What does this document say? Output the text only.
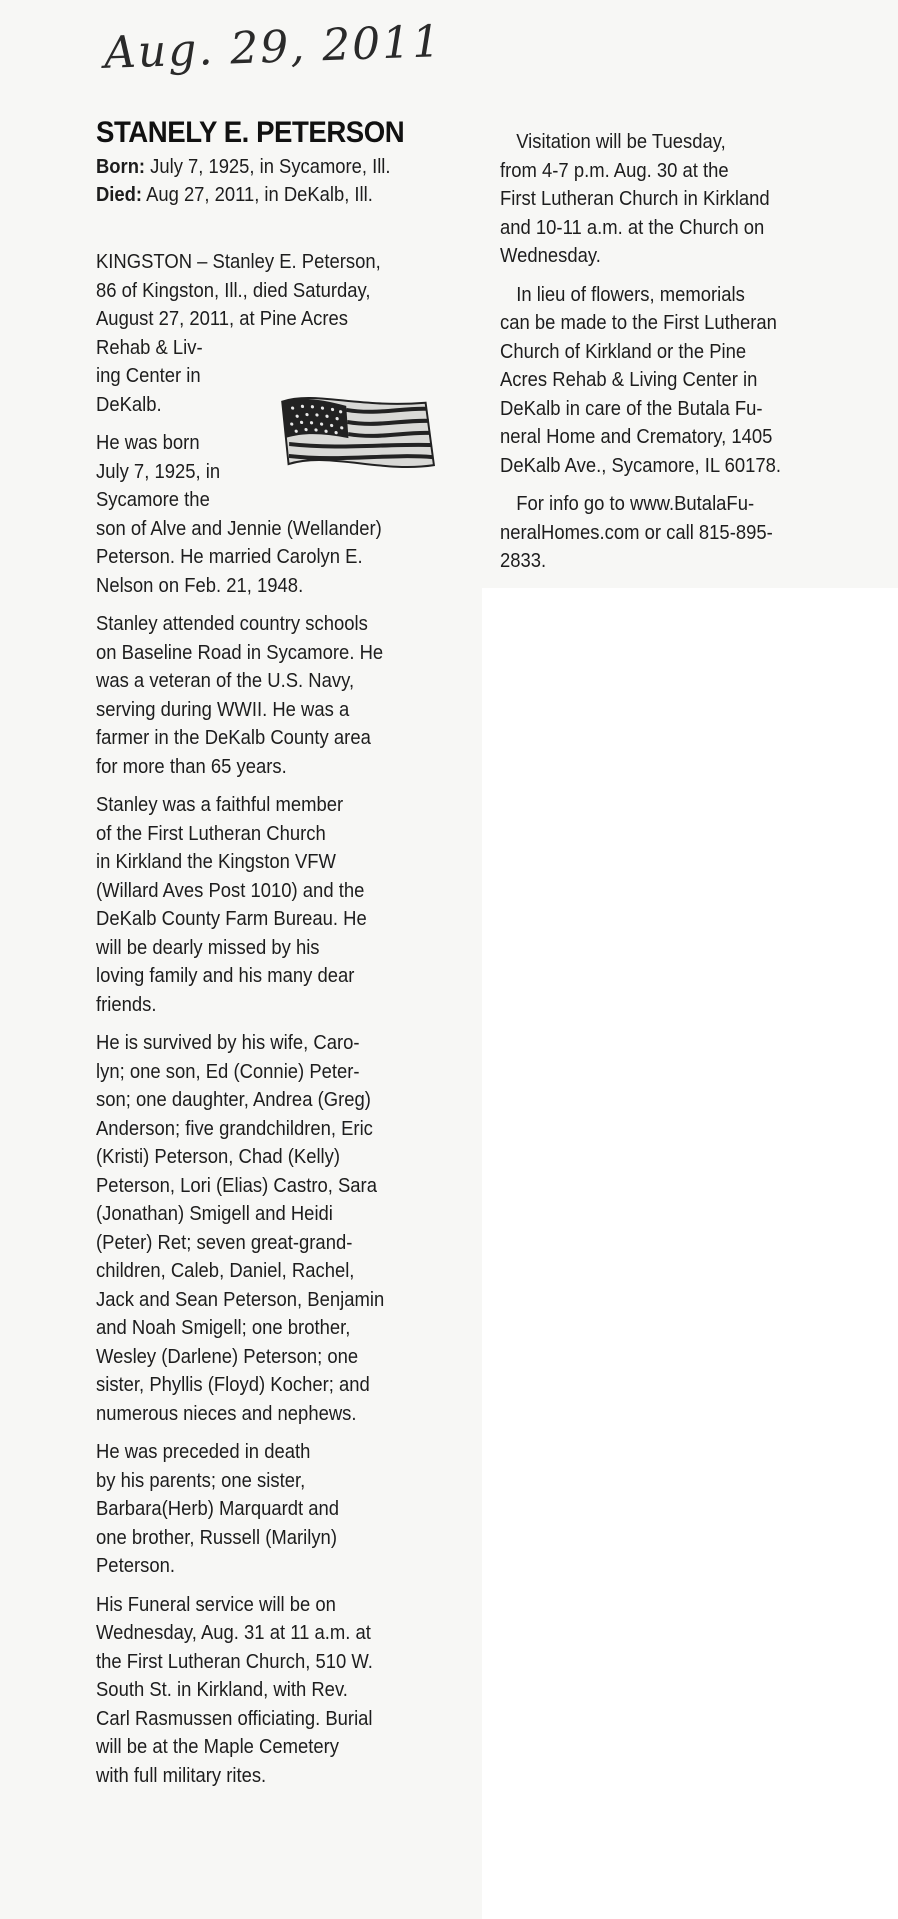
Aug. 29, 2011
STANELY E. PETERSON

Born: July 7, 1925, in Sycamore, Ill.

Died: Aug 27, 2011, in DeKalb, Ill.

KINGSTON – Stanley E. Peterson,
86 of Kingston, Ill., died Saturday,
August 27, 2011, at Pine Acres
Rehab & Liv-
ing Center in
DeKalb.
He was born
July 7, 1925, in
Sycamore the
son of Alve and Jennie (Wellander)
Peterson. He married Carolyn E.
Nelson on Feb. 21, 1948.
Stanley attended country schools
on Baseline Road in Sycamore. He
was a veteran of the U.S. Navy,
serving during WWII. He was a
farmer in the DeKalb County area
for more than 65 years.
Stanley was a faithful member
of the First Lutheran Church
in Kirkland the Kingston VFW
(Willard Aves Post 1010) and the
DeKalb County Farm Bureau. He
will be dearly missed by his
loving family and his many dear
friends.
He is survived by his wife, Caro-
lyn; one son, Ed (Connie) Peter-
son; one daughter, Andrea (Greg)
Anderson; five grandchildren, Eric
(Kristi) Peterson, Chad (Kelly)
Peterson, Lori (Elias) Castro, Sara
(Jonathan) Smigell and Heidi
(Peter) Ret; seven great-grand-
children, Caleb, Daniel, Rachel,
Jack and Sean Peterson, Benjamin
and Noah Smigell; one brother,
Wesley (Darlene) Peterson; one
sister, Phyllis (Floyd) Kocher; and
numerous nieces and nephews.
He was preceded in death
by his parents; one sister,
Barbara(Herb) Marquardt and
one brother, Russell (Marilyn)
Peterson.
His Funeral service will be on
Wednesday, Aug. 31 at 11 a.m. at
the First Lutheran Church, 510 W.
South St. in Kirkland, with Rev.
Carl Rasmussen officiating. Burial
will be at the Maple Cemetery
with full military rites.
Visitation will be Tuesday,
from 4-7 p.m. Aug. 30 at the
First Lutheran Church in Kirkland
and 10-11 a.m. at the Church on
Wednesday.
In lieu of flowers, memorials
can be made to the First Lutheran
Church of Kirkland or the Pine
Acres Rehab & Living Center in
DeKalb in care of the Butala Fu-
neral Home and Crematory, 1405
DeKalb Ave., Sycamore, IL 60178.
For info go to www.ButalaFu-
neralHomes.com or call 815-895-
2833.
